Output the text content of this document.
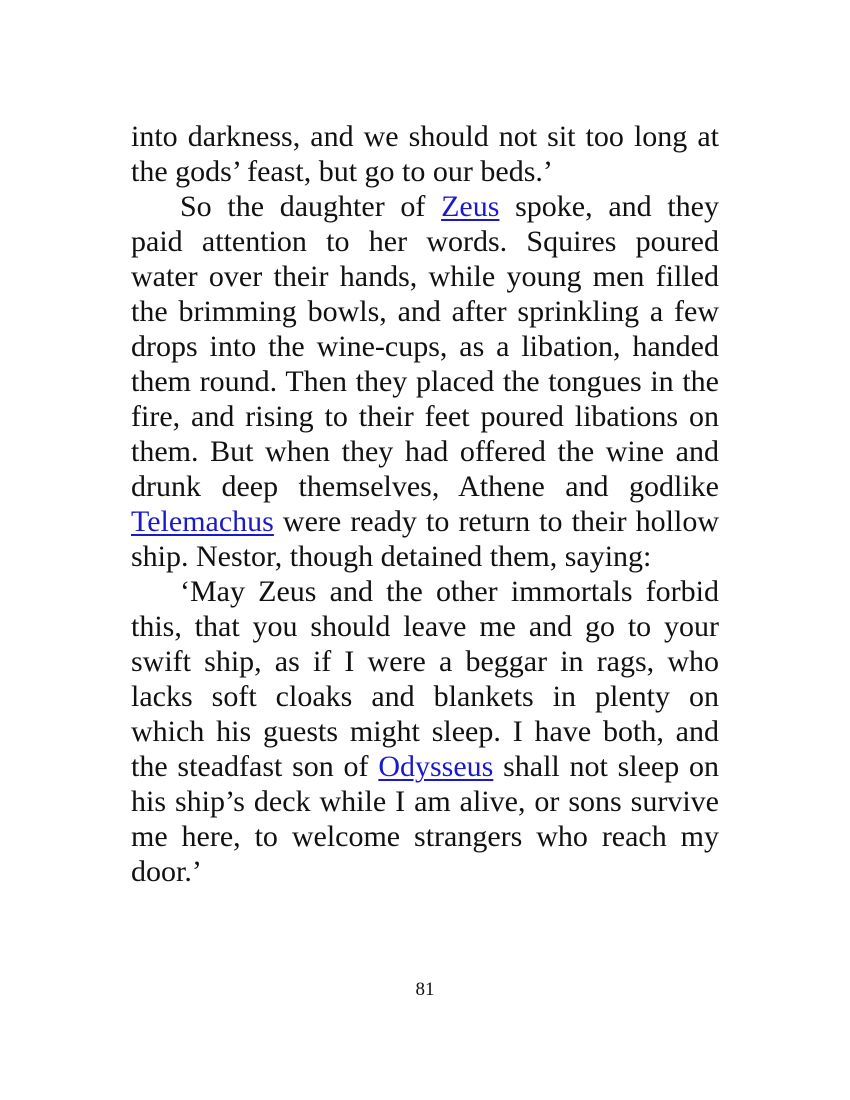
into darkness, and we should not sit too long at
the gods’ feast, but go to our beds.’
So the daughter of Zeus spoke, and they
paid attention to her words. Squires poured
water over their hands, while young men filled
the brimming bowls, and after sprinkling a few
drops into the wine-cups, as a libation, handed
them round. Then they placed the tongues in the
fire, and rising to their feet poured libations on
them. But when they had offered the wine and
drunk deep themselves, Athene and godlike
Telemachus were ready to return to their hollow
ship. Nestor, though detained them, saying:
‘May Zeus and the other immortals forbid
this, that you should leave me and go to your
swift ship, as if I were a beggar in rags, who
lacks soft cloaks and blankets in plenty on
which his guests might sleep. I have both, and
the steadfast son of Odysseus shall not sleep on
his ship’s deck while I am alive, or sons survive
me here, to welcome strangers who reach my
door.’
81
